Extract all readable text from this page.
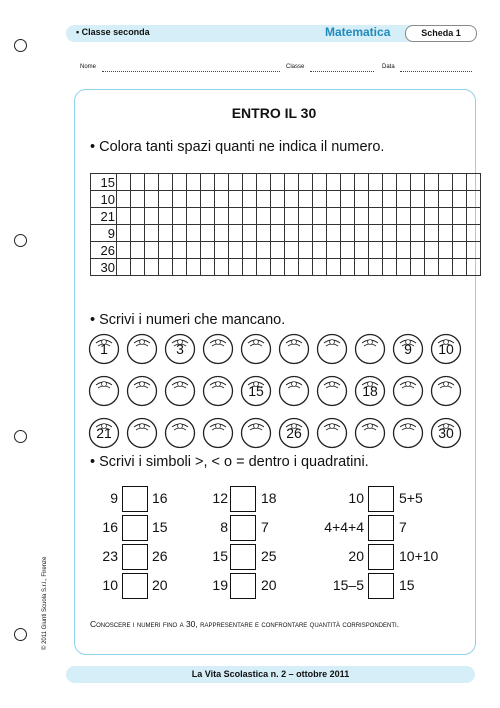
• Classe seconda	Matematica	Scheda 1
Nome	Classe	Data
ENTRO IL 30
• Colora tanti spazi quanti ne indica il numero.
15																										
10																										
21																										
9																										
26																										
30																										
• Scrivi i numeri che mancano.
1	3	9	10
15	18
21	26	30
• Scrivi i simboli >, < o = dentro i quadratini.
9 16
16 15
23 26
10 20
12 18
8 7
15 25
19 20
10	5+5
4+4+4	7
20	10+10
15–5	15
Conoscere i numeri fino a 30, rappresentare e confrontare quantità corrispondenti.
La Vita Scolastica n. 2 – ottobre 2011
© 2011 Giunti Scuola S.r.l., Firenze
